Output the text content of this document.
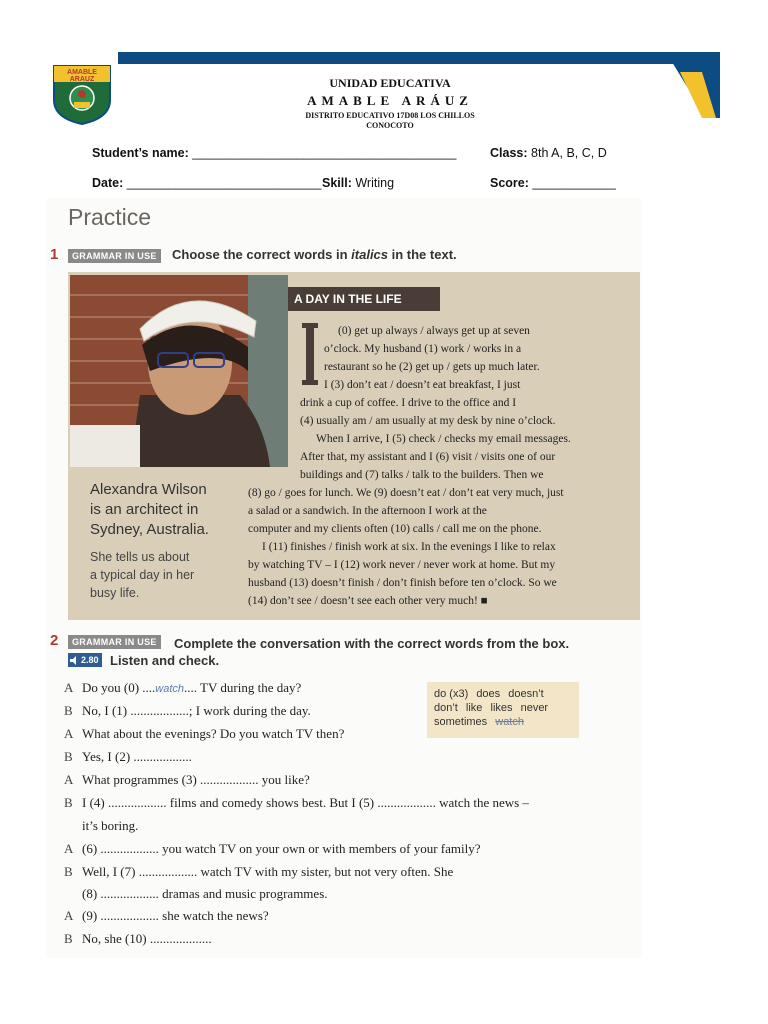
AMABLE
ARAUZ	UNIDAD EDUCATIVA
AMABLE ARÁUZ
DISTRITO EDUCATIVO 17D08 LOS CHILLOS
CONOCOTO
Student’s name: ______________________________________	Class: 8th A, B, C, D
Date: ____________________________ Skill: Writing	Score: ____________
Practice
1	GRAMMAR IN USE	Choose the correct words in italics in the text.
A DAY IN THE LIFE
(0) get up always / always get up at seven
o’clock. My husband (1) work / works in a
restaurant so he (2) get up / gets up much later.
I (3) don’t eat / doesn’t eat breakfast, I just
drink a cup of coffee. I drive to the office and I
(4) usually am / am usually at my desk by nine o’clock.
When I arrive, I (5) check / checks my email messages.
After that, my assistant and I (6) visit / visits one of our
buildings and (7) talks / talk to the builders. Then we
(8) go / goes for lunch. We (9) doesn’t eat / don’t eat very much, just
a salad or a sandwich. In the afternoon I work at the
computer and my clients often (10) calls / call me on the phone.
I (11) finishes / finish work at six. In the evenings I like to relax
by watching TV – I (12) work never / never work at home. But my
husband (13) doesn’t finish / don’t finish before ten o’clock. So we
(14) don’t see / doesn’t see each other very much! ■
Alexandra Wilson
is an architect in
Sydney, Australia.
She tells us about
a typical day in her
busy life.
2	GRAMMAR IN USE	Complete the conversation with the correct words from the box.
2.80 Listen and check.
do (x3) does doesn’t
don’t like likes never
sometimes watch
A Do you (0) ....watch.... TV during the day?
B No, I (1) ..................; I work during the day.
A What about the evenings? Do you watch TV then?
B Yes, I (2) ..................
A What programmes (3) .................. you like?
B I (4) .................. films and comedy shows best. But I (5) .................. watch the news –
it’s boring.
A (6) .................. you watch TV on your own or with members of your family?
B Well, I (7) .................. watch TV with my sister, but not very often. She
(8) .................. dramas and music programmes.
A (9) .................. she watch the news?
B No, she (10) ...................
